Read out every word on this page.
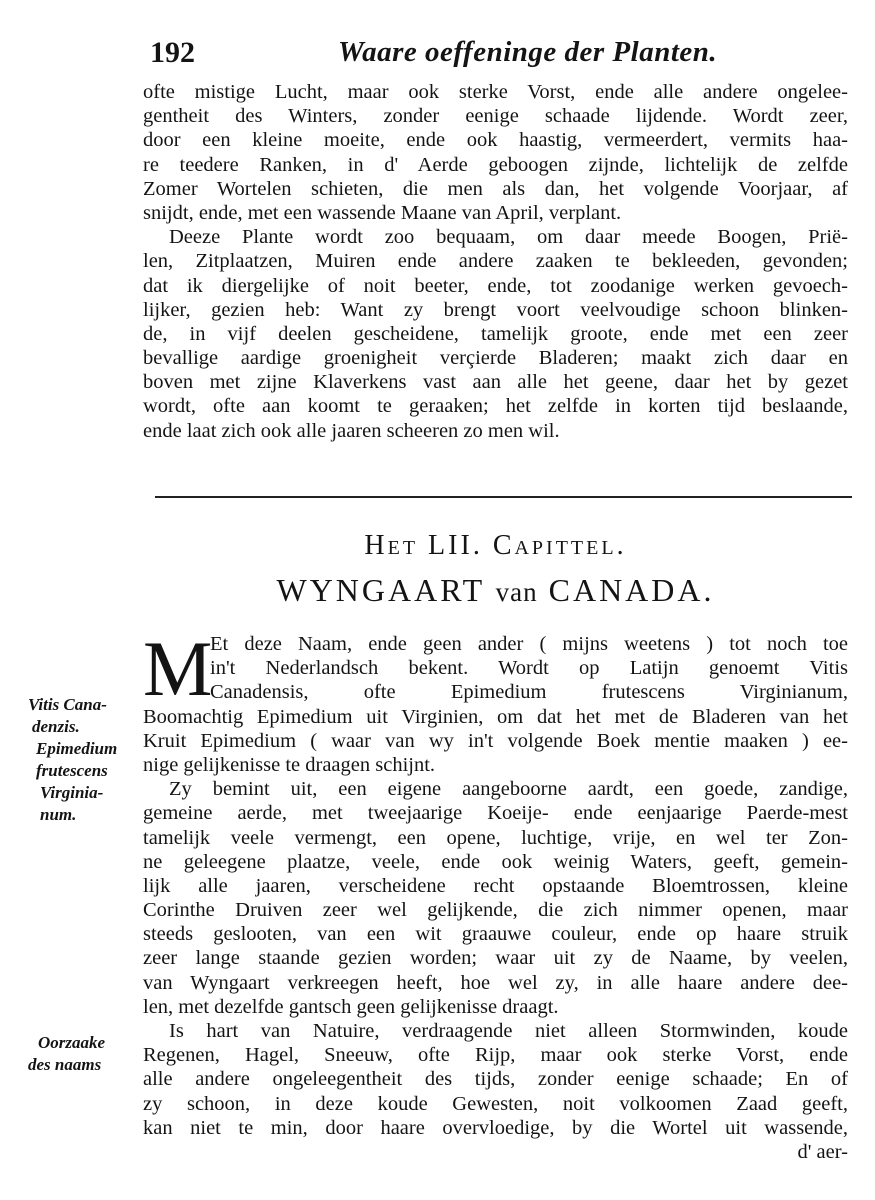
192	Waare oeffeninge der Planten.
ofte mistige Lucht, maar ook sterke Vorst, ende alle andere ongelee-
gentheit des Winters, zonder eenige schaade lijdende. Wordt zeer,
door een kleine moeite, ende ook haastig, vermeerdert, vermits haa-
re teedere Ranken, in d' Aerde geboogen zijnde, lichtelijk de zelfde
Zomer Wortelen schieten, die men als dan, het volgende Voorjaar, af
snijdt, ende, met een wassende Maane van April, verplant.
Deeze Plante wordt zoo bequaam, om daar meede Boogen, Prië-
len, Zitplaatzen, Muiren ende andere zaaken te bekleeden, gevonden;
dat ik diergelijke of noit beeter, ende, tot zoodanige werken gevoech-
lijker, gezien heb: Want zy brengt voort veelvoudige schoon blinken-
de, in vijf deelen gescheidene, tamelijk groote, ende met een zeer
bevallige aardige groenigheit verçierde Bladeren; maakt zich daar en
boven met zijne Klaverkens vast aan alle het geene, daar het by gezet
wordt, ofte aan koomt te geraaken; het zelfde in korten tijd beslaande,
ende laat zich ook alle jaaren scheeren zo men wil.
Het LII. Capittel.
WYNGAART van CANADA.
M
Et deze Naam, ende geen ander ( mijns weetens ) tot noch toe
in't Nederlandsch bekent. Wordt op Latijn genoemt Vitis
Canadensis, ofte Epimedium frutescens Virginianum,
Boomachtig Epimedium uit Virginien, om dat het met de Bladeren van het
Kruit Epimedium ( waar van wy in't volgende Boek mentie maaken ) ee-
nige gelijkenisse te draagen schijnt.
Zy bemint uit, een eigene aangeboorne aardt, een goede, zandige,
gemeine aerde, met tweejaarige Koeije- ende eenjaarige Paerde-mest
tamelijk veele vermengt, een opene, luchtige, vrije, en wel ter Zon-
ne geleegene plaatze, veele, ende ook weinig Waters, geeft, gemein-
lijk alle jaaren, verscheidene recht opstaande Bloemtrossen, kleine
Corinthe Druiven zeer wel gelijkende, die zich nimmer openen, maar
steeds geslooten, van een wit graauwe couleur, ende op haare struik
zeer lange staande gezien worden; waar uit zy de Naame, by veelen,
van Wyngaart verkreegen heeft, hoe wel zy, in alle haare andere dee-
len, met dezelfde gantsch geen gelijkenisse draagt.
Is hart van Natuire, verdraagende niet alleen Stormwinden, koude
Regenen, Hagel, Sneeuw, ofte Rijp, maar ook sterke Vorst, ende
alle andere ongeleegentheit des tijds, zonder eenige schaade; En of
zy schoon, in deze koude Gewesten, noit volkoomen Zaad geeft,
kan niet te min, door haare overvloedige, by die Wortel uit wassende,
d' aer-
Vitis Cana-
denzis.
Epimedium
frutescens
Virginia-
num.
Oorzaake
des naams
